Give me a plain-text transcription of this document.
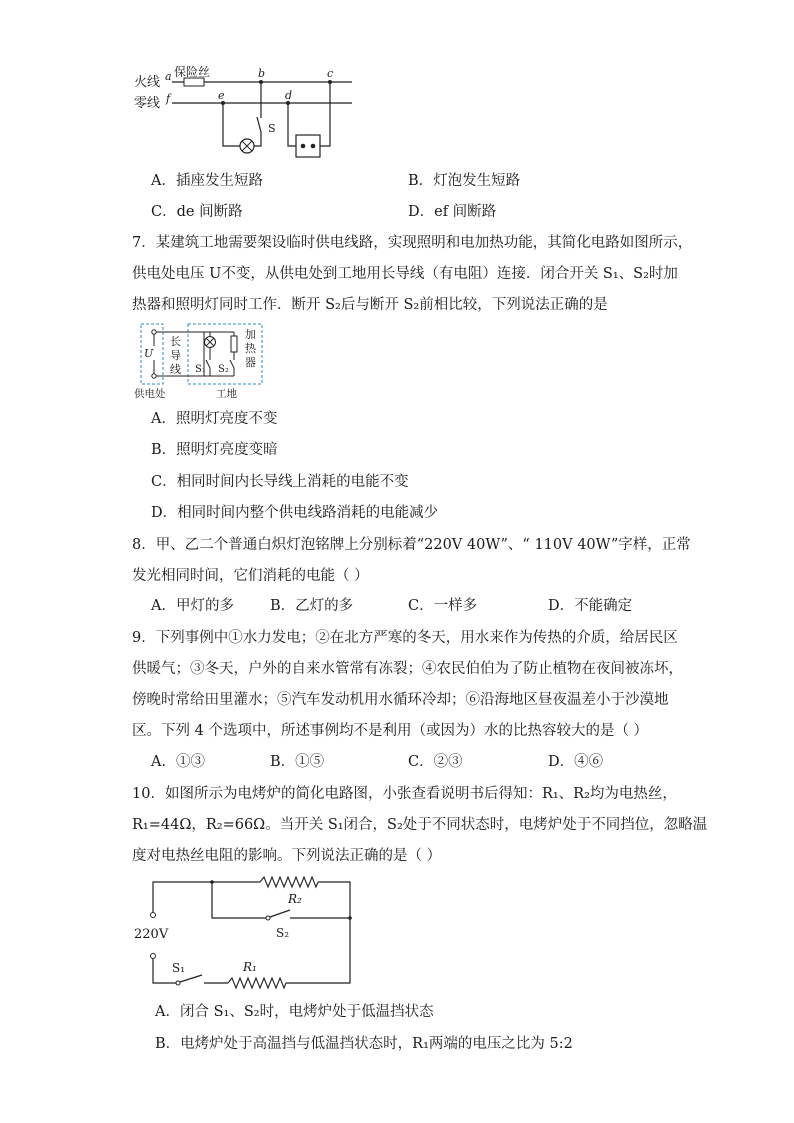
火线
零线
保险丝
a
f
b	c
e	d
S
A．插座发生短路	B．灯泡发生短路
C．de 间断路	D．ef 间断路
7．某建筑工地需要架设临时供电线路，实现照明和电加热功能，其简化电路如图所示，
供电处电压 U不变，从供电处到工地用长导线（有电阻）连接．闭合开关 S₁、S₂时加
热器和照明灯同时工作．断开 S₂后与断开 S₂前相比较，下列说法正确的是
U
长
导
线 S₁ S₂
加
热
器
供电处	工地
A．照明灯亮度不变
B．照明灯亮度变暗
C．相同时间内长导线上消耗的电能不变
D．相同时间内整个供电线路消耗的电能减少
8．甲、乙二个普通白炽灯泡铭牌上分别标着“220V 40W”、“ 110V 40W”字样，正常
发光相同时间，它们消耗的电能（ ）
A．甲灯的多 B．乙灯的多	C．一样多	D．不能确定
9．下列事例中①水力发电；②在北方严寒的冬天，用水来作为传热的介质，给居民区
供暖气；③冬天，户外的自来水管常有冻裂；④农民伯伯为了防止植物在夜间被冻坏，
傍晚时常给田里灌水；⑤汽车发动机用水循环冷却；⑥沿海地区昼夜温差小于沙漠地
区。下列 4 个选项中，所述事例均不是利用（或因为）水的比热容较大的是（ ）
A．①③	B．①⑤	C．②③	D．④⑥
10．如图所示为电烤炉的简化电路图，小张查看说明书后得知：R₁、R₂均为电热丝，
R₁=44Ω，R₂=66Ω。当开关 S₁闭合，S₂处于不同状态时，电烤炉处于不同挡位，忽略温
度对电热丝电阻的影响。下列说法正确的是（ ）
R₂
S₂
220V
S₁	R₁
A．闭合 S₁、S₂时，电烤炉处于低温挡状态
B．电烤炉处于高温挡与低温挡状态时，R₁两端的电压之比为 5:2
